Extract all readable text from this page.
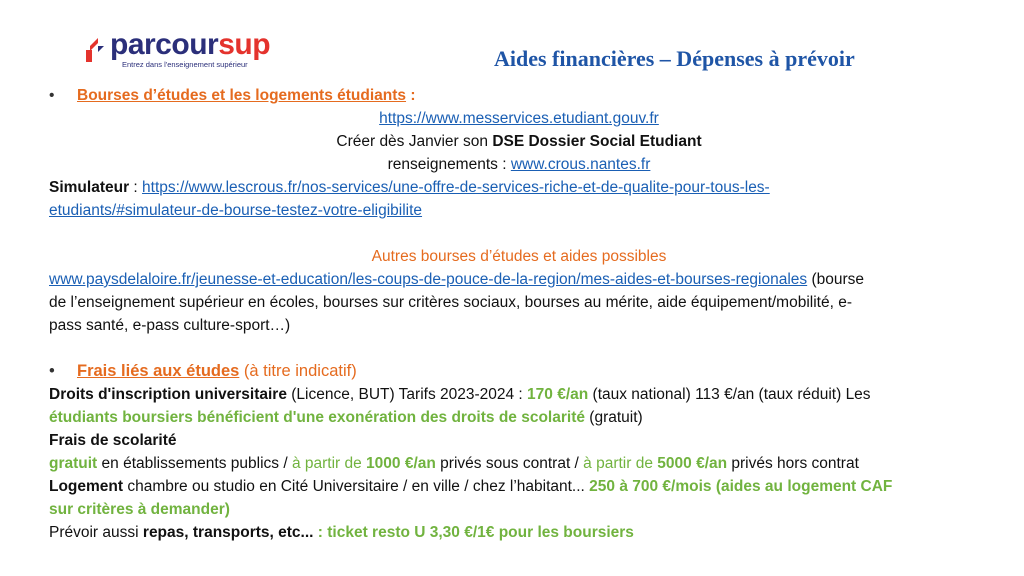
parcoursup
Entrez dans l'enseignement supérieur	Aides financières – Dépenses à prévoir
• Bourses d’études et les logements étudiants :
https://www.messervices.etudiant.gouv.fr
Créer dès Janvier son DSE Dossier Social Etudiant
renseignements : www.crous.nantes.fr
Simulateur : https://www.lescrous.fr/nos-services/une-offre-de-services-riche-et-de-qualite-pour-tous-les-
etudiants/#simulateur-de-bourse-testez-votre-eligibilite
Autres bourses d’études et aides possibles
www.paysdelaloire.fr/jeunesse-et-education/les-coups-de-pouce-de-la-region/mes-aides-et-bourses-regionales (bourse
de l’enseignement supérieur en écoles, bourses sur critères sociaux, bourses au mérite, aide équipement/mobilité, e-
pass santé, e-pass culture-sport…)
• Frais liés aux études (à titre indicatif)
Droits d'inscription universitaire (Licence, BUT) Tarifs 2023-2024 : 170 €/an (taux national) 113 €/an (taux réduit) Les
étudiants boursiers bénéficient d'une exonération des droits de scolarité (gratuit)
Frais de scolarité
gratuit en établissements publics / à partir de 1000 €/an privés sous contrat / à partir de 5000 €/an privés hors contrat
Logement chambre ou studio en Cité Universitaire / en ville / chez l’habitant... 250 à 700 €/mois (aides au logement CAF
sur critères à demander)
Prévoir aussi repas, transports, etc... : ticket resto U 3,30 €/1€ pour les boursiers
